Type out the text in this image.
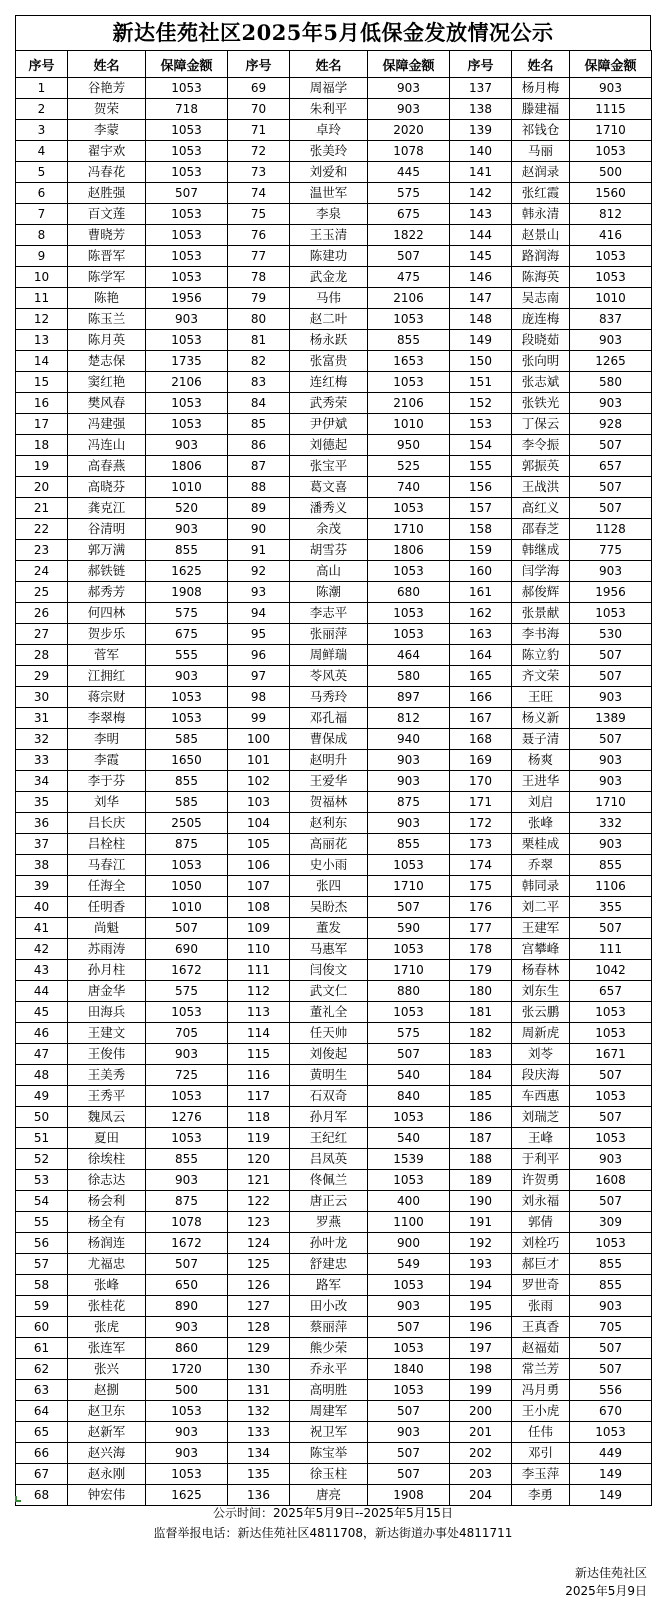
新达佳苑社区2025年5月低保金发放情况公示
序号	姓名	保障金额	序号	姓名	保障金额	序号	姓名	保障金额
1	谷艳芳	1053	69	周福学	903	137	杨月梅	903
2	贺荣	718	70	朱利平	903	138	滕建福	1115
3	李蒙	1053	71	卓玲	2020	139	祁钱仓	1710
4	翟宇欢	1053	72	张美玲	1078	140	马丽	1053
5	冯春花	1053	73	刘爱和	445	141	赵润录	500
6	赵胜强	507	74	温世军	575	142	张红霞	1560
7	百文莲	1053	75	李泉	675	143	韩永清	812
8	曹晓芳	1053	76	王玉清	1822	144	赵景山	416
9	陈晋军	1053	77	陈建功	507	145	路润海	1053
10	陈学军	1053	78	武金龙	475	146	陈海英	1053
11	陈艳	1956	79	马伟	2106	147	吴志南	1010
12	陈玉兰	903	80	赵二叶	1053	148	庞连梅	837
13	陈月英	1053	81	杨永跃	855	149	段晓茹	903
14	楚志保	1735	82	张富贵	1653	150	张向明	1265
15	窦红艳	2106	83	连红梅	1053	151	张志斌	580
16	樊风春	1053	84	武秀荣	2106	152	张铁光	903
17	冯建强	1053	85	尹伊斌	1010	153	丁保云	928
18	冯连山	903	86	刘德起	950	154	李令振	507
19	高春燕	1806	87	张宝平	525	155	郭振英	657
20	高晓芬	1010	88	葛文喜	740	156	王战洪	507
21	龚克江	520	89	潘秀义	1053	157	高红义	507
22	谷清明	903	90	余茂	1710	158	邵春芝	1128
23	郭万满	855	91	胡雪芬	1806	159	韩继成	775
24	郝铁链	1625	92	高山	1053	160	闫学海	903
25	郝秀芳	1908	93	陈潮	680	161	郝俊辉	1956
26	何四林	575	94	李志平	1053	162	张景献	1053
27	贺步乐	675	95	张丽萍	1053	163	李书海	530
28	菅军	555	96	周鲜瑞	464	164	陈立豹	507
29	江拥红	903	97	苓风英	580	165	齐文荣	507
30	蒋宗财	1053	98	马秀玲	897	166	王旺	903
31	李翠梅	1053	99	邓孔福	812	167	杨义新	1389
32	李明	585	100	曹保成	940	168	聂子清	507
33	李霞	1650	101	赵明升	903	169	杨爽	903
34	李于芬	855	102	王爱华	903	170	王进华	903
35	刘华	585	103	贺福林	875	171	刘启	1710
36	吕长庆	2505	104	赵利东	903	172	张峰	332
37	吕栓柱	875	105	高丽花	855	173	栗桂成	903
38	马春江	1053	106	史小雨	1053	174	乔翠	855
39	任海全	1050	107	张四	1710	175	韩同录	1106
40	任明香	1010	108	吴盼杰	507	176	刘二平	355
41	尚魁	507	109	董发	590	177	王建军	507
42	苏雨涛	690	110	马惠军	1053	178	宫攀峰	111
43	孙月柱	1672	111	闫俊文	1710	179	杨春林	1042
44	唐金华	575	112	武文仁	880	180	刘东生	657
45	田海兵	1053	113	董礼全	1053	181	张云鹏	1053
46	王建文	705	114	任天帅	575	182	周新虎	1053
47	王俊伟	903	115	刘俊起	507	183	刘苓	1671
48	王美秀	725	116	黄明生	540	184	段庆海	507
49	王秀平	1053	117	石双奇	840	185	车西惠	1053
50	魏凤云	1276	118	孙月军	1053	186	刘瑞芝	507
51	夏田	1053	119	王纪红	540	187	王峰	1053
52	徐埃柱	855	120	吕凤英	1539	188	于利平	903
53	徐志达	903	121	佟佩兰	1053	189	许贺勇	1608
54	杨会利	875	122	唐正云	400	190	刘永福	507
55	杨全有	1078	123	罗燕	1100	191	郭倩	309
56	杨润连	1672	124	孙叶龙	900	192	刘栓巧	1053
57	尤福忠	507	125	舒建忠	549	193	郝巨才	855
58	张峰	650	126	路军	1053	194	罗世奇	855
59	张桂花	890	127	田小改	903	195	张雨	903
60	张虎	903	128	蔡丽萍	507	196	王真香	705
61	张连军	860	129	熊少荣	1053	197	赵福茹	507
62	张兴	1720	130	乔永平	1840	198	常兰芳	507
63	赵捌	500	131	高明胜	1053	199	冯月勇	556
64	赵卫东	1053	132	周建军	507	200	王小虎	670
65	赵新军	903	133	祝卫军	903	201	任伟	1053
66	赵兴海	903	134	陈宝举	507	202	邓引	449
67	赵永刚	1053	135	徐玉柱	507	203	李玉萍	149
68	钟宏伟	1625	136	唐亮	1908	204	李勇	149
公示时间：2025年5月9日--2025年5月15日
监督举报电话：新达佳苑社区4811708，新达街道办事处4811711
新达佳苑社区
2025年5月9日
